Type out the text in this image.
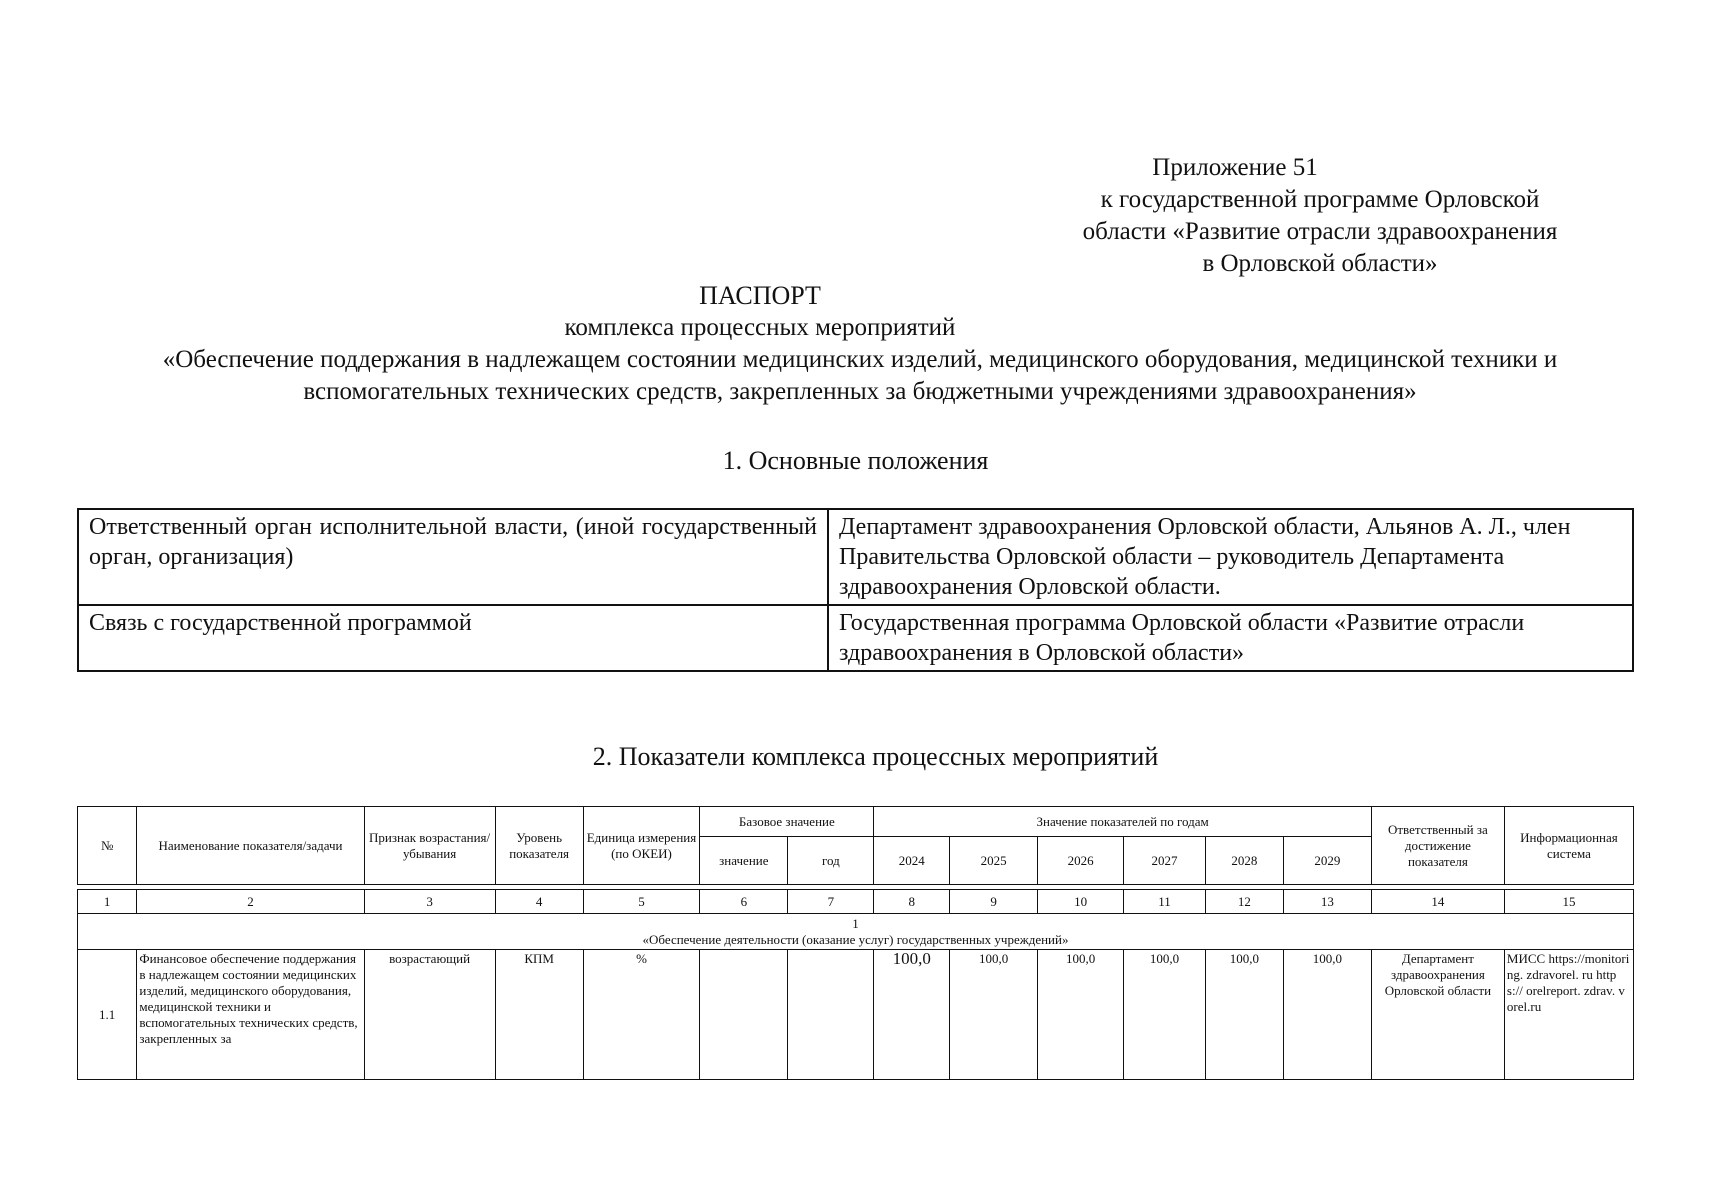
Приложение 51
к государственной программе Орловской
области «Развитие отрасли здравоохранения
в Орловской области»
ПАСПОРТ
комплекса процессных мероприятий
«Обеспечение поддержания в надлежащем состоянии медицинских изделий, медицинского оборудования, медицинской техники и вспомогательных технических средств, закрепленных за бюджетными учреждениями здравоохранения»
1. Основные положения
Ответственный орган исполнительной власти, (иной государственный орган, организация)	Департамент здравоохранения Орловской области, Альянов А. Л., член Правительства Орловской области – руководитель Департамента здравоохранения Орловской области.
Связь с государственной программой	Государственная программа Орловской области «Развитие отрасли здравоохранения в Орловской области»
2. Показатели комплекса процессных мероприятий
№	Наименование показателя/задачи	Признак возрастания/ убывания	Уровень показателя	Единица измерения (по ОКЕИ)	Базовое значение		Значение показателей по годам						Ответственный за достижение показателя	Информационная система
					значение	год	2024	2025	2026	2027	2028	2029		

1	2	3	4	5	6	7	8	9	10	11	12	13	14	15

1
«Обеспечение деятельности (оказание услуг) государственных учреждений»														

1.1	Финансовое обеспечение поддержания в надлежащем состоянии медицинских изделий, медицинского оборудования, медицинской техники и вспомогательных технических средств, закрепленных за	возрастающий	КПМ	%			100,0	100,0	100,0	100,0	100,0	100,0	Департамент здравоохранения Орловской области	МИСС https://monitoring. zdravorel. ru https:// orelreport. zdrav. vorel.ru
